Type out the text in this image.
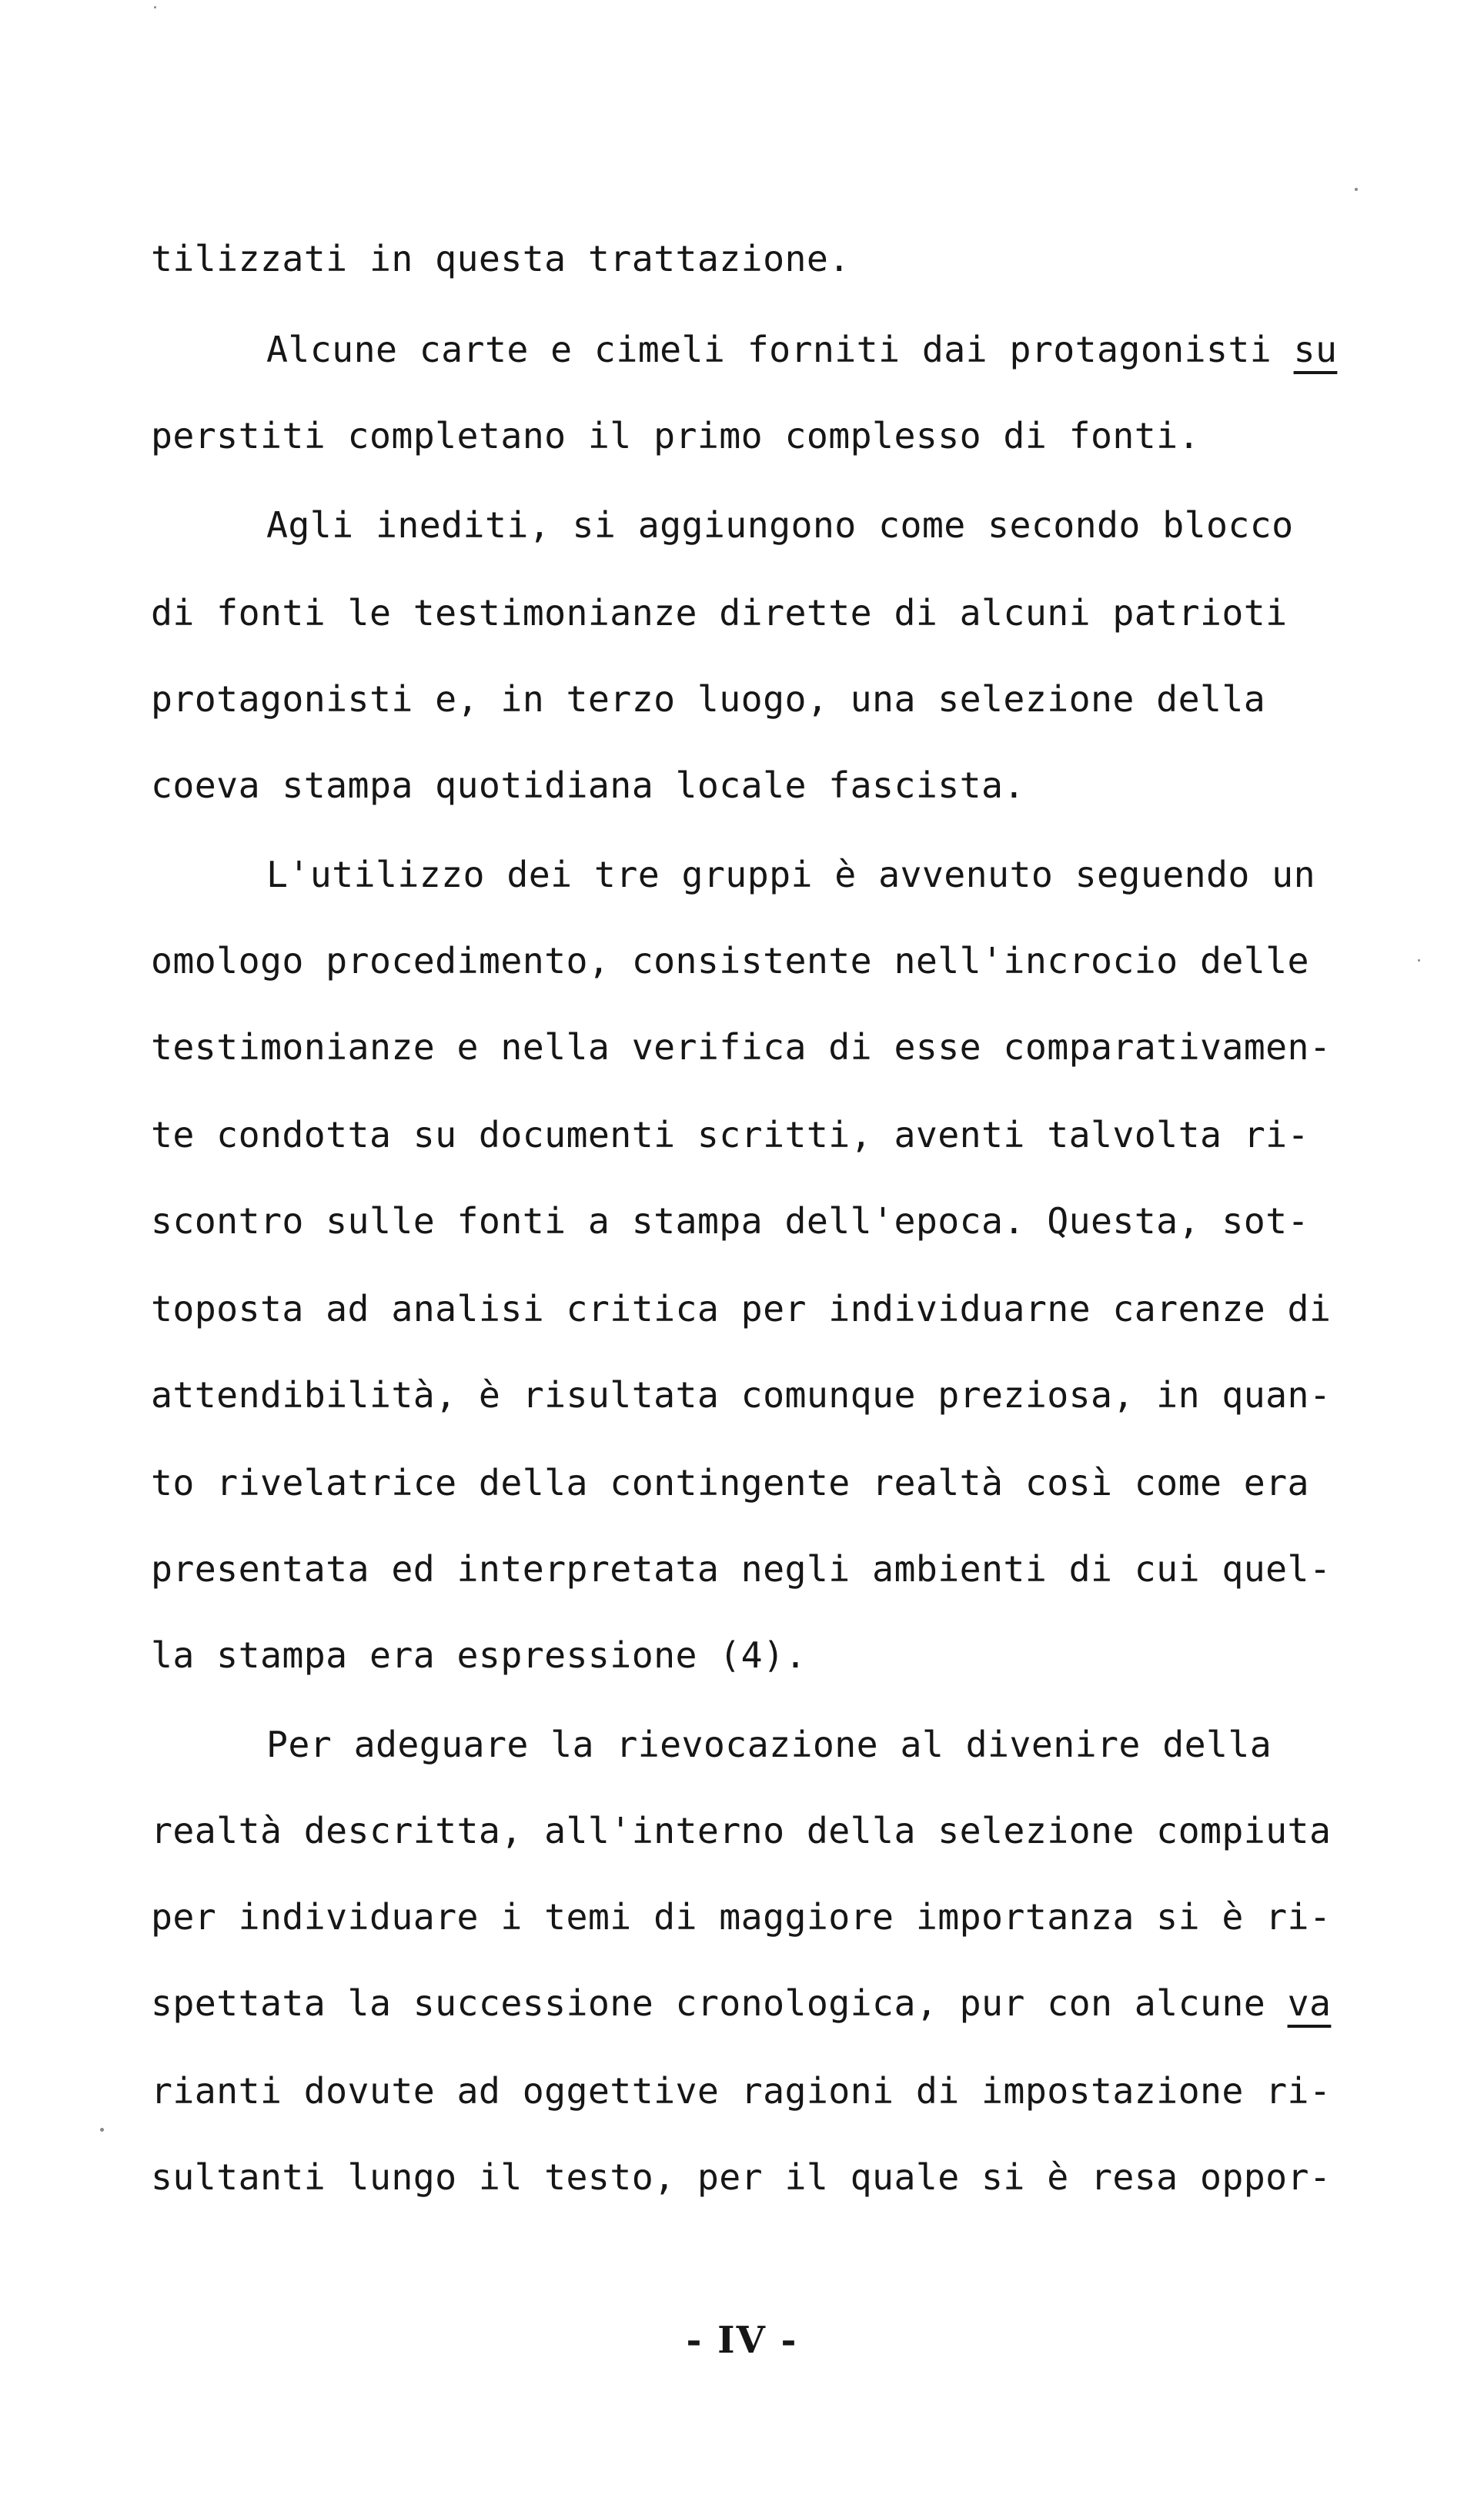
tilizzati in questa trattazione.
Alcune carte e cimeli forniti dai protagonisti su
perstiti completano il primo complesso di fonti.
Agli inediti, si aggiungono come secondo blocco
di fonti le testimonianze dirette di alcuni patrioti
protagonisti e, in terzo luogo, una selezione della
coeva stampa quotidiana locale fascista.
L'utilizzo dei tre gruppi è avvenuto seguendo un
omologo procedimento, consistente nell'incrocio delle
testimonianze e nella verifica di esse comparativamen-
te condotta su documenti scritti, aventi talvolta ri-
scontro sulle fonti a stampa dell'epoca. Questa, sot-
toposta ad analisi critica per individuarne carenze di
attendibilità, è risultata comunque preziosa, in quan-
to rivelatrice della contingente realtà così come era
presentata ed interpretata negli ambienti di cui quel-
la stampa era espressione (4).
Per adeguare la rievocazione al divenire della
realtà descritta, all'interno della selezione compiuta
per individuare i temi di maggiore importanza si è ri-
spettata la successione cronologica, pur con alcune va
rianti dovute ad oggettive ragioni di impostazione ri-
sultanti lungo il testo, per il quale si è resa oppor-
- IV -
